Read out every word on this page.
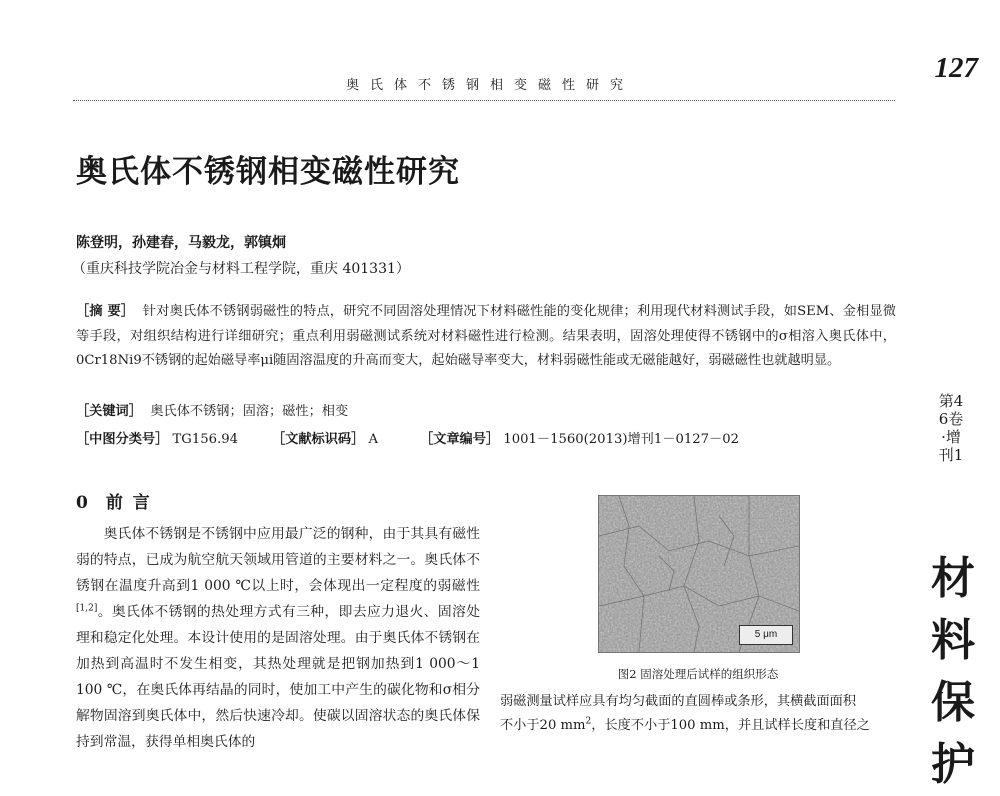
奥氏体不锈钢相变磁性研究
127
奥氏体不锈钢相变磁性研究
陈登明，孙建春，马毅龙，郭镇炯
（重庆科技学院冶金与材料工程学院，重庆 401331）
［摘 要］ 针对奥氏体不锈钢弱磁性的特点，研究不同固溶处理情况下材料磁性能的变化规律；利用现代材料测试手段，如SEM、金相显微等手段，对组织结构进行详细研究；重点利用弱磁测试系统对材料磁性进行检测。结果表明，固溶处理使得不锈钢中的σ相溶入奥氏体中，0Cr18Ni9不锈钢的起始磁导率μi随固溶温度的升高而变大，起始磁导率变大，材料弱磁性能或无磁能越好，弱磁磁性也就越明显。
［关键词］ 奥氏体不锈钢；固溶；磁性；相变
［中图分类号］ TG156.94	［文献标识码］ A	［文章编号］ 1001－1560(2013)增刊1－0127－02
0 前 言

奥氏体不锈钢是不锈钢中应用最广泛的钢种，由于其具有磁性弱的特点，已成为航空航天领域用管道的主要材料之一。奥氏体不锈钢在温度升高到1 000 ℃以上时，会体现出一定程度的弱磁性[1,2]。奥氏体不锈钢的热处理方式有三种，即去应力退火、固溶处理和稳定化处理。本设计使用的是固溶处理。由于奥氏体不锈钢在加热到高温时不发生相变，其热处理就是把钢加热到1 000～1 100 ℃，在奥氏体再结晶的同时，使加工中产生的碳化物和σ相分解物固溶到奥氏体中，然后快速冷却。使碳以固溶状态的奥氏体保持到常温，获得单相奥氏体的

5 μm
图2 固溶处理后试样的组织形态

弱磁测量试样应具有均匀截面的直圆棒或条形，其横截面面积

不小于20 $mm^2$，长度不小于100 mm，并且试样长度和直径之

第46卷·增刊1
材料保护
